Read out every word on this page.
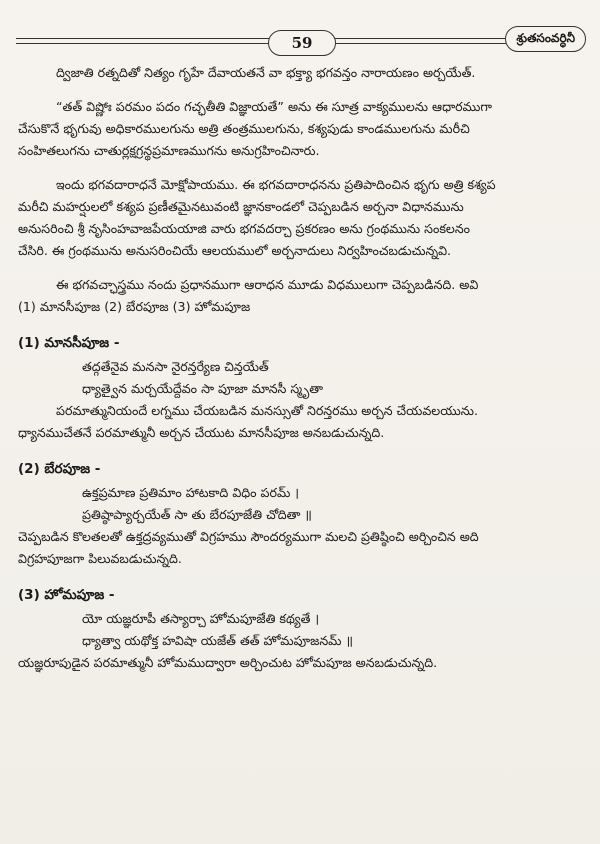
59	శ్రుతసంవర్ధినీ

ద్విజాతి రత్నదితో నిత్యం గృహే దేవాయతనే వా భక్త్యా భగవన్తం నారాయణం అర్చయేత్.

“తత్ విష్ణోః పరమం పదం గచ్ఛతీతి విజ్ఞాయతే” అను ఈ సూత్ర వాక్యములను ఆధారముగా

చేసుకొనే భృగువు అధికారములగును అత్రి తంత్రములగును, కశ్యపుడు కాండములగును మరీచి

సంహితలుగను చాతుర్లక్షగ్రన్థప్రమాణముగను అనుగ్రహించినారు.

ఇందు భగవదారాధనే మోక్షోపాయము. ఈ భగవదారాధనను ప్రతిపాదించిన భృగు అత్రి కశ్యప

మరీచి మహర్షులలో కశ్యప ప్రణీతమైనటువంటి జ్ఞానకాండలో చెప్పబడిన అర్చనా విధానమును

అనుసరించి శ్రీ నృసింహవాజపేయయాజి వారు భగవదర్చా ప్రకరణం అను గ్రంథమును సంకలనం

చేసిరి. ఈ గ్రంథమును అనుసరించియే ఆలయములో అర్చనాదులు నిర్వహించబడుచున్నవి.

ఈ భగవచ్ఛాస్త్రము నందు ప్రధానముగా ఆరాధన మూడు విధములుగా చెప్పబడినది. అవి

(1) మానసీపూజ (2) బేరపూజ (3) హోమపూజ

(1) మానసీపూజ -

తద్గతేనైవ మనసా నైరన్తర్యేణ చిన్తయేత్

ధ్యాత్వైన మర్చయేద్దేవం సా పూజా మానసీ స్మృతా

పరమాత్మునియందే లగ్నము చేయబడిన మనస్సుతో నిరన్తరము అర్చన చేయవలయును.

ధ్యానముచేతనే పరమాత్మునీ అర్చన చేయుట మానసీపూజ అనబడుచున్నది.

(2) బేరపూజ -

ఉక్తప్రమాణ ప్రతిమాం హాటకాది విధిం పరమ్ ।

ప్రతిష్ఠాప్యార్చయేత్ సా తు బేరపూజేతి చోదితా ॥

చెప్పబడిన కొలతలతో ఉక్తద్రవ్యముతో విగ్రహము సౌందర్యముగా మలచి ప్రతిష్ఠించి అర్చించిన అది

విగ్రహపూజగా పిలువబడుచున్నది.

(3) హోమపూజ -

యో యజ్ఞరూపీ తస్యార్చా హోమపూజేతి కథ్యతే ।

ధ్యాత్వా యథోక్త హవిషా యజేత్ తత్ హోమపూజనమ్ ॥

యజ్ఞరూపుడైన పరమాత్మునీ హోమముద్వారా అర్చించుట హోమపూజ అనబడుచున్నది.
